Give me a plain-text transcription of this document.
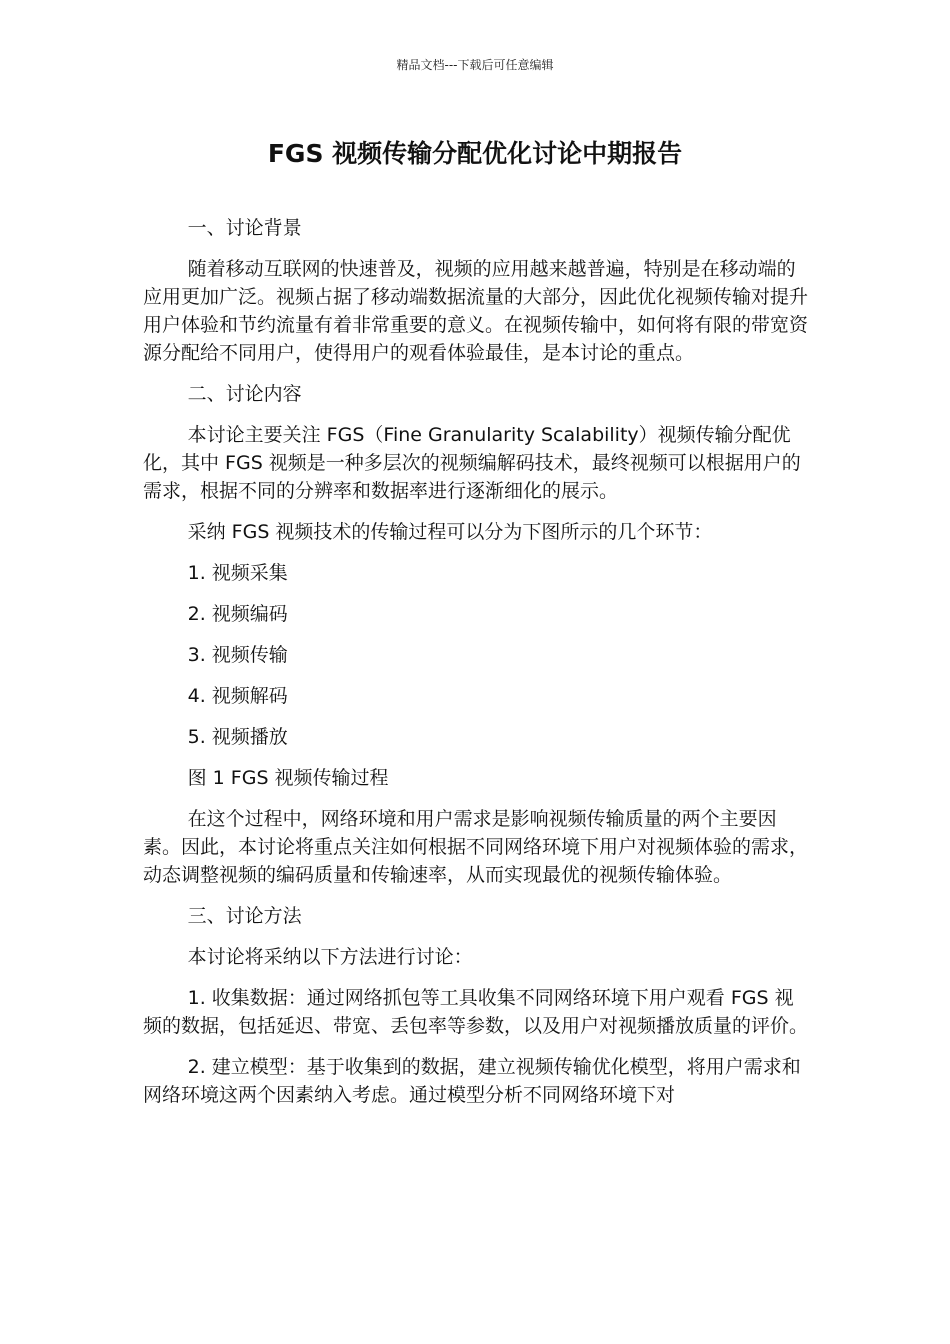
精品文档---下载后可任意编辑
FGS 视频传输分配优化讨论中期报告

一、讨论背景

随着移动互联网的快速普及，视频的应用越来越普遍，特别是在移动端的应用更加广泛。视频占据了移动端数据流量的大部分，因此优化视频传输对提升用户体验和节约流量有着非常重要的意义。在视频传输中，如何将有限的带宽资源分配给不同用户，使得用户的观看体验最佳，是本讨论的重点。

二、讨论内容

本讨论主要关注 FGS（Fine Granularity Scalability）视频传输分配优化，其中 FGS 视频是一种多层次的视频编解码技术，最终视频可以根据用户的需求，根据不同的分辨率和数据率进行逐渐细化的展示。

采纳 FGS 视频技术的传输过程可以分为下图所示的几个环节：

1. 视频采集

2. 视频编码

3. 视频传输

4. 视频解码

5. 视频播放

图 1 FGS 视频传输过程

在这个过程中，网络环境和用户需求是影响视频传输质量的两个主要因素。因此，本讨论将重点关注如何根据不同网络环境下用户对视频体验的需求，动态调整视频的编码质量和传输速率，从而实现最优的视频传输体验。

三、讨论方法

本讨论将采纳以下方法进行讨论：

1. 收集数据：通过网络抓包等工具收集不同网络环境下用户观看 FGS 视频的数据，包括延迟、带宽、丢包率等参数，以及用户对视频播放质量的评价。

2. 建立模型：基于收集到的数据，建立视频传输优化模型，将用户需求和网络环境这两个因素纳入考虑。通过模型分析不同网络环境下对
